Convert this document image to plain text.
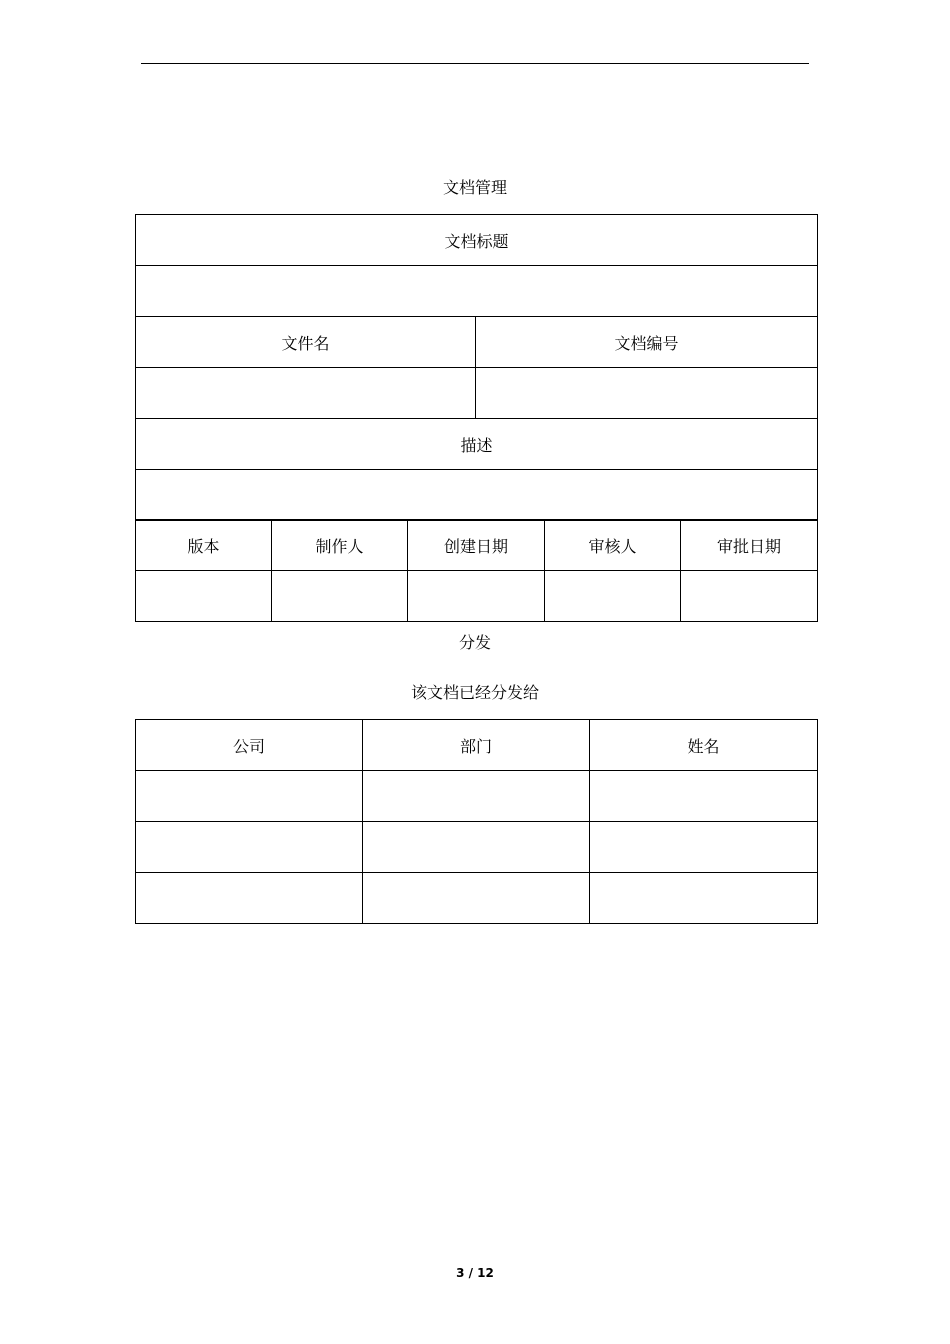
文档管理
文档标题	

文件名	文档编号

描述	

版本	制作人	创建日期	审核人	审批日期

分发
该文档已经分发给
公司	部门	姓名

3 / 12
